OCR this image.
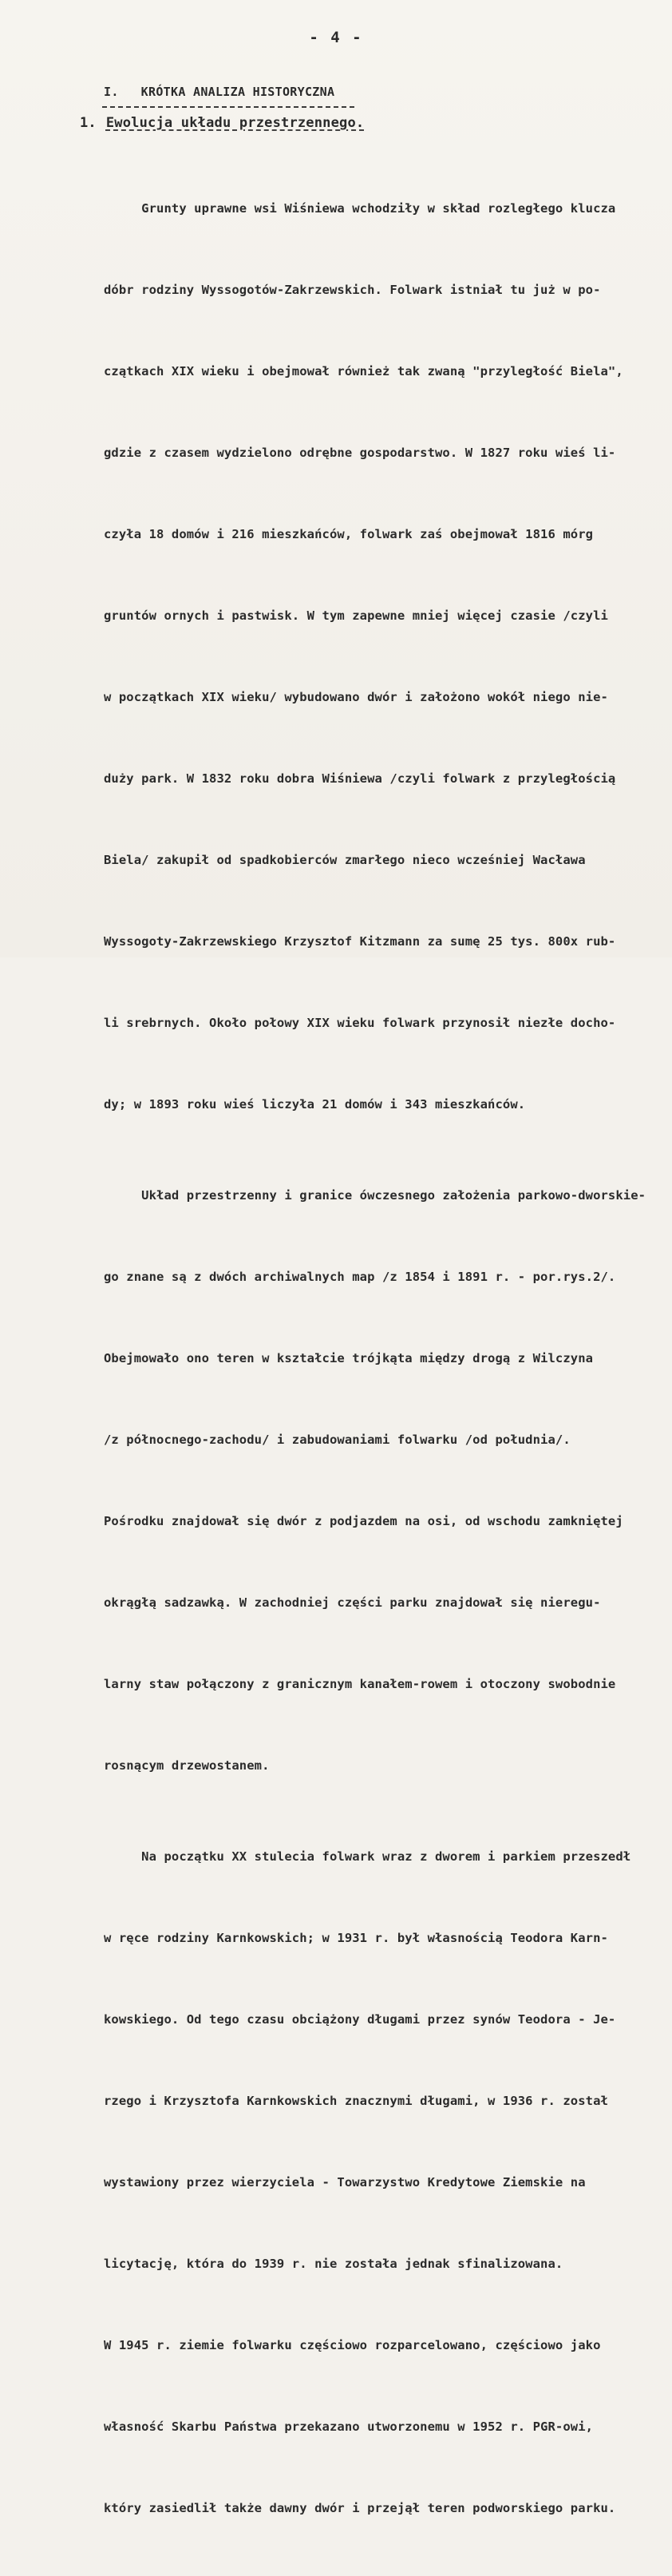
- 4 -
I. KRÓTKA ANALIZA HISTORYCZNA
1. Ewolucja układu przestrzennego.

Grunty uprawne wsi Wiśniewa wchodziły w skład rozległego klucza

dóbr rodziny Wyssogotów-Zakrzewskich. Folwark istniał tu już w po-

czątkach XIX wieku i obejmował również tak zwaną "przyległość Biela",

gdzie z czasem wydzielono odrębne gospodarstwo. W 1827 roku wieś li-

czyła 18 domów i 216 mieszkańców, folwark zaś obejmował 1816 mórg

gruntów ornych i pastwisk. W tym zapewne mniej więcej czasie /czyli

w początkach XIX wieku/ wybudowano dwór i założono wokół niego nie-

duży park. W 1832 roku dobra Wiśniewa /czyli folwark z przyległością

Biela/ zakupił od spadkobierców zmarłego nieco wcześniej Wacława

Wyssogoty-Zakrzewskiego Krzysztof Kitzmann za sumę 25 tys. 800x rub-

li srebrnych. Około połowy XIX wieku folwark przynosił niezłe docho-

dy; w 1893 roku wieś liczyła 21 domów i 343 mieszkańców.

Układ przestrzenny i granice ówczesnego założenia parkowo-dworskie-

go znane są z dwóch archiwalnych map /z 1854 i 1891 r. - por.rys.2/.

Obejmowało ono teren w kształcie trójkąta między drogą z Wilczyna

/z północnego-zachodu/ i zabudowaniami folwarku /od południa/.

Pośrodku znajdował się dwór z podjazdem na osi, od wschodu zamkniętej

okrągłą sadzawką. W zachodniej części parku znajdował się nieregu-

larny staw połączony z granicznym kanałem-rowem i otoczony swobodnie

rosnącym drzewostanem.

Na początku XX stulecia folwark wraz z dworem i parkiem przeszedł

w ręce rodziny Karnkowskich; w 1931 r. był własnością Teodora Karn-

kowskiego. Od tego czasu obciążony długami przez synów Teodora - Je-

rzego i Krzysztofa Karnkowskich znacznymi długami, w 1936 r. został

wystawiony przez wierzyciela - Towarzystwo Kredytowe Ziemskie na

licytację, która do 1939 r. nie została jednak sfinalizowana.

W 1945 r. ziemie folwarku częściowo rozparcelowano, częściowo jako

własność Skarbu Państwa przekazano utworzonemu w 1952 r. PGR-owi,

który zasiedlił także dawny dwór i przejął teren podworskiego parku.
